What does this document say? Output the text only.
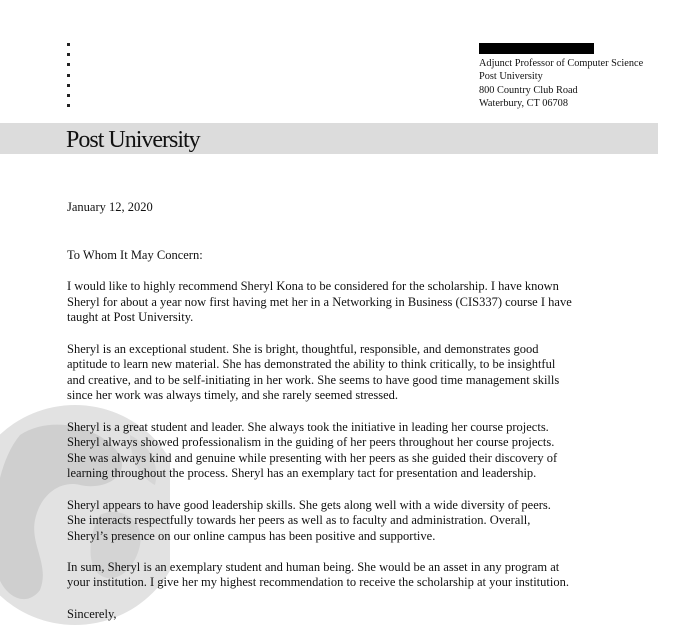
Adjunct Professor of Computer Science
Post University
800 Country Club Road
Waterbury, CT 06708
Post University
January 12, 2020

To Whom It May Concern:

I would like to highly recommend Sheryl Kona to be considered for the scholarship. I have known
Sheryl for about a year now first having met her in a Networking in Business (CIS337) course I have
taught at Post University.

Sheryl is an exceptional student. She is bright, thoughtful, responsible, and demonstrates good
aptitude to learn new material. She has demonstrated the ability to think critically, to be insightful
and creative, and to be self-initiating in her work. She seems to have good time management skills
since her work was always timely, and she rarely seemed stressed.

Sheryl is a great student and leader. She always took the initiative in leading her course projects.
Sheryl always showed professionalism in the guiding of her peers throughout her course projects.
She was always kind and genuine while presenting with her peers as she guided their discovery of
learning throughout the process. Sheryl has an exemplary tact for presentation and leadership.

Sheryl appears to have good leadership skills. She gets along well with a wide diversity of peers.
She interacts respectfully towards her peers as well as to faculty and administration. Overall,
Sheryl’s presence on our online campus has been positive and supportive.

In sum, Sheryl is an exemplary student and human being. She would be an asset in any program at
your institution. I give her my highest recommendation to receive the scholarship at your institution.

Sincerely,
